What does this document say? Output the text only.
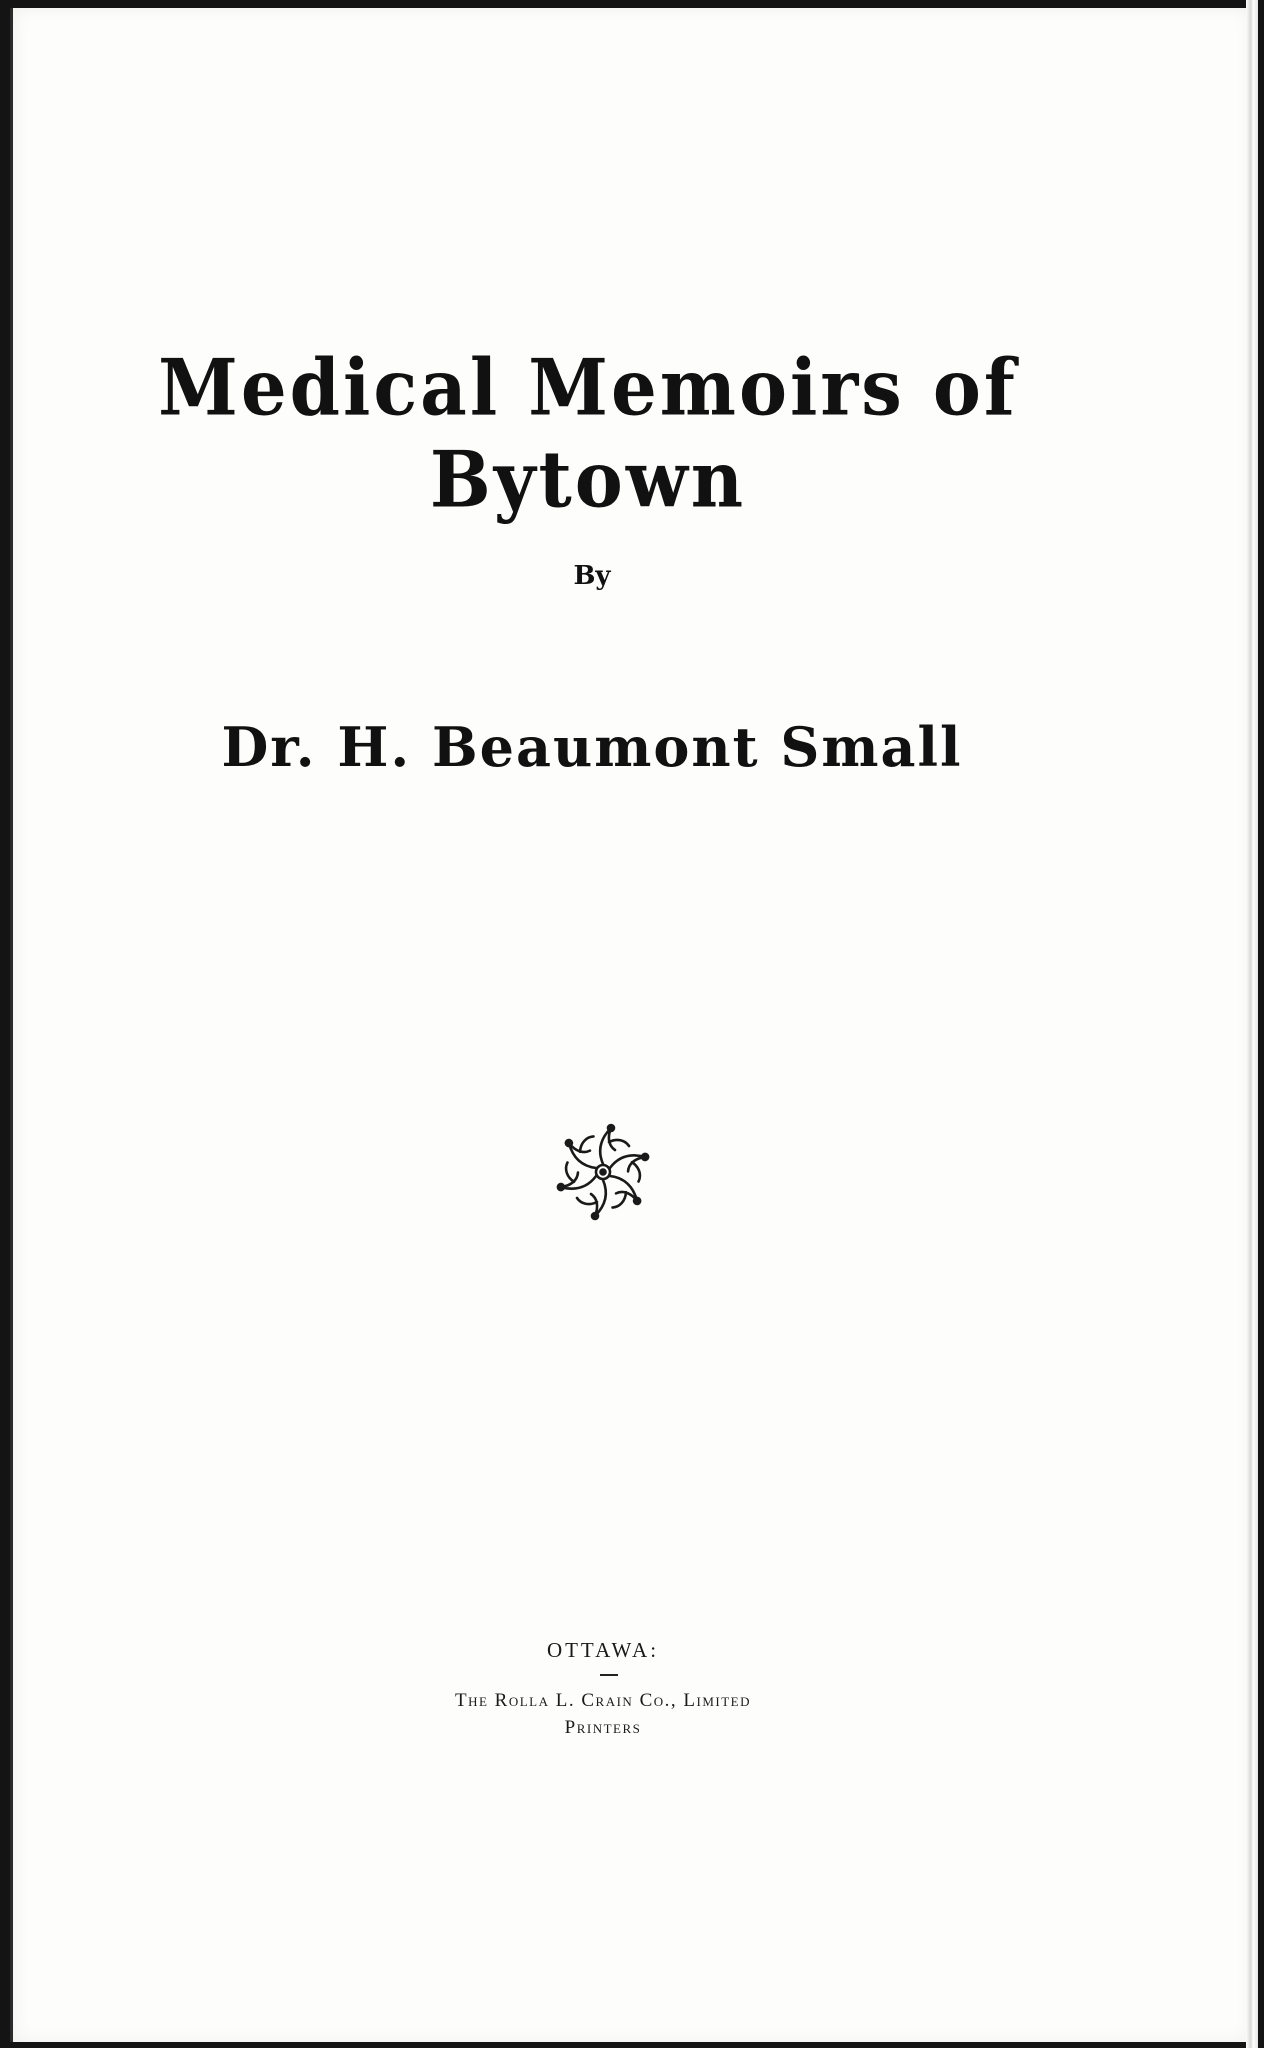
Medical Memoirs of Bytown
By
Dr. H. Beaumont Small
OTTAWA:
The Rolla L. Crain Co., Limited
Printers
